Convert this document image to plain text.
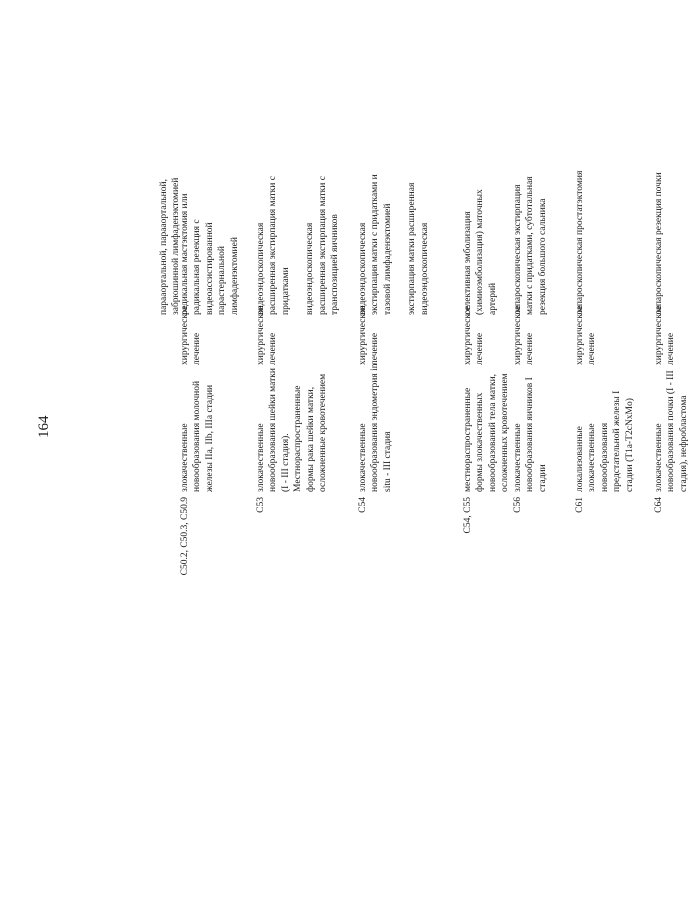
164
парааортальной, парааортальной, забрюшинной лимфаденэктомией
C50.2, C50.3, C50.9
злокачественные новообразования молочной железы IIa, IIb, IIIa стадии
хирургическое лечение
радикальная мастэктомия или радикальная резекция с видеоассистированной парастернальной лимфаденэктомией
C53
злокачественные новообразования шейки матки (I - III стадия). Местнораспространенные формы рака шейки матки, осложненные кровотечением
хирургическое лечение
видеоэндоскопическая расширенная экстирпация матки с придатками видеоэндоскопическая расширенная экстирпация матки с транспозицией яичников
C54
злокачественные новообразования эндометрия in situ - III стадия
хирургическое лечение
видеоэндоскопическая экстирпация матки с придатками и тазовой лимфаденэктомией экстирпация матки расширенная видеоэндоскопическая
C54, C55
местнораспространенные формы злокачественных новообразований тела матки, осложненных кровотечением
хирургическое лечение
селективная эмболизация (химиоэмболизация) маточных артерий
C56
злокачественные новообразования яичников I стадии
хирургическое лечение
лапароскопическая экстирпация матки с придатками, субтотальная резекция большого сальника
C61
локализованные злокачественные новообразования предстательной железы I стадии (T1a-T2cNxMo)
хирургическое лечение
лапароскопическая простатэктомия
C64
злокачественные новообразования почки (I - III стадия), нефробластома
хирургическое лечение
лапароскопическая резекция почки
